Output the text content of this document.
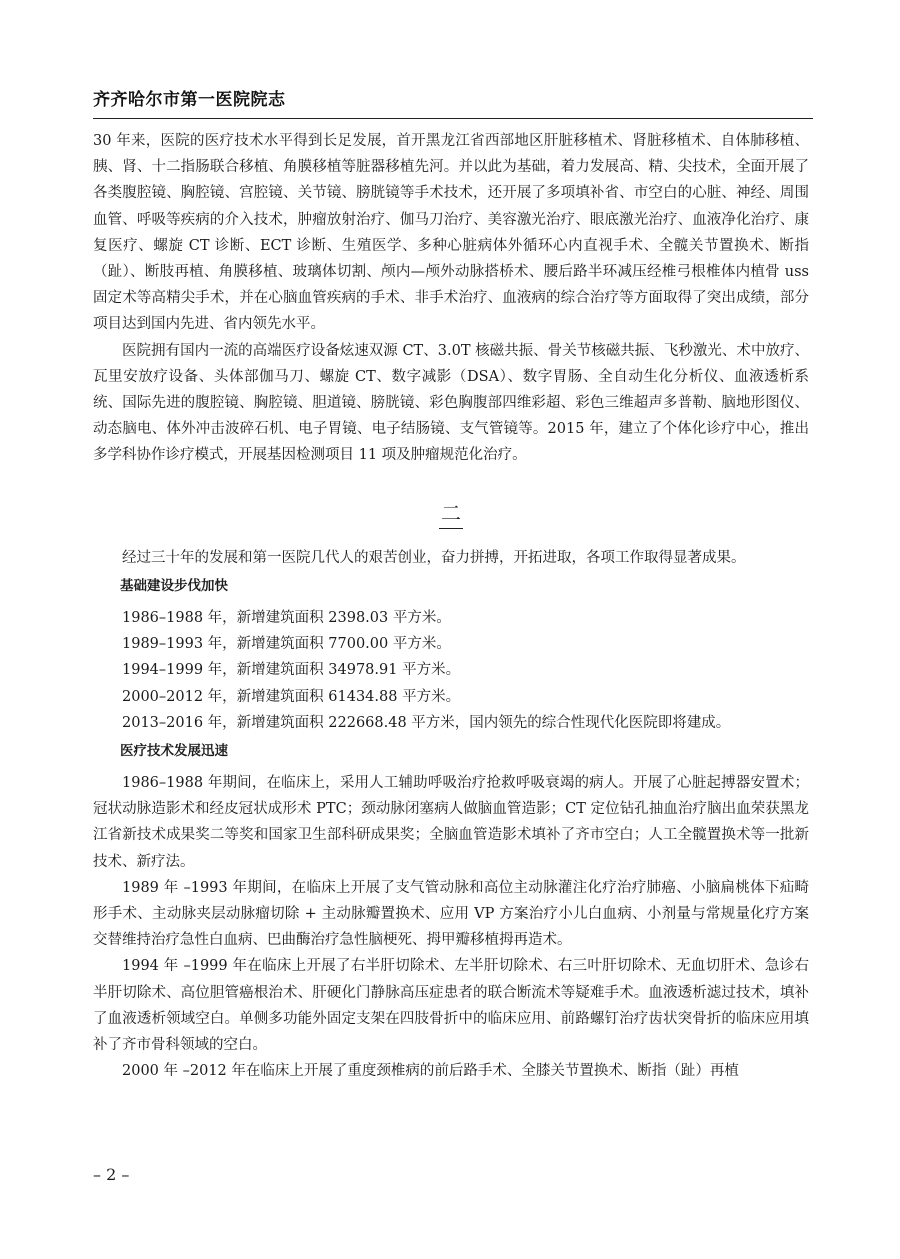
齐齐哈尔市第一医院院志

30 年来，医院的医疗技术水平得到长足发展，首开黑龙江省西部地区肝脏移植术、肾脏移植术、自体肺移植、胰、肾、十二指肠联合移植、角膜移植等脏器移植先河。并以此为基础，着力发展高、精、尖技术，全面开展了各类腹腔镜、胸腔镜、宫腔镜、关节镜、膀胱镜等手术技术，还开展了多项填补省、市空白的心脏、神经、周围血管、呼吸等疾病的介入技术，肿瘤放射治疗、伽马刀治疗、美容激光治疗、眼底激光治疗、血液净化治疗、康复医疗、螺旋 CT 诊断、ECT 诊断、生殖医学、多种心脏病体外循环心内直视手术、全髋关节置换术、断指（趾）、断肢再植、角膜移植、玻璃体切割、颅内—颅外动脉搭桥术、腰后路半环减压经椎弓根椎体内植骨 uss 固定术等高精尖手术，并在心脑血管疾病的手术、非手术治疗、血液病的综合治疗等方面取得了突出成绩，部分项目达到国内先进、省内领先水平。

医院拥有国内一流的高端医疗设备炫速双源 CT、3.0T 核磁共振、骨关节核磁共振、飞秒激光、术中放疗、瓦里安放疗设备、头体部伽马刀、螺旋 CT、数字减影（DSA）、数字胃肠、全自动生化分析仪、血液透析系统、国际先进的腹腔镜、胸腔镜、胆道镜、膀胱镜、彩色胸腹部四维彩超、彩色三维超声多普勒、脑地形图仪、动态脑电、体外冲击波碎石机、电子胃镜、电子结肠镜、支气管镜等。2015 年，建立了个体化诊疗中心，推出多学科协作诊疗模式，开展基因检测项目 11 项及肿瘤规范化治疗。

二

经过三十年的发展和第一医院几代人的艰苦创业，奋力拼搏，开拓进取，各项工作取得显著成果。

基础建设步伐加快

1986–1988 年，新增建筑面积 2398.03 平方米。

1989–1993 年，新增建筑面积 7700.00 平方米。

1994–1999 年，新增建筑面积 34978.91 平方米。

2000–2012 年，新增建筑面积 61434.88 平方米。

2013–2016 年，新增建筑面积 222668.48 平方米，国内领先的综合性现代化医院即将建成。

医疗技术发展迅速

1986–1988 年期间，在临床上，采用人工辅助呼吸治疗抢救呼吸衰竭的病人。开展了心脏起搏器安置术；冠状动脉造影术和经皮冠状成形术 PTC；颈动脉闭塞病人做脑血管造影；CT 定位钻孔抽血治疗脑出血荣获黑龙江省新技术成果奖二等奖和国家卫生部科研成果奖；全脑血管造影术填补了齐市空白；人工全髋置换术等一批新技术、新疗法。

1989 年 –1993 年期间，在临床上开展了支气管动脉和高位主动脉灌注化疗治疗肺癌、小脑扁桃体下疝畸形手术、主动脉夹层动脉瘤切除 + 主动脉瓣置换术、应用 VP 方案治疗小儿白血病、小剂量与常规量化疗方案交替维持治疗急性白血病、巴曲酶治疗急性脑梗死、拇甲瓣移植拇再造术。

1994 年 –1999 年在临床上开展了右半肝切除术、左半肝切除术、右三叶肝切除术、无血切肝术、急诊右半肝切除术、高位胆管癌根治术、肝硬化门静脉高压症患者的联合断流术等疑难手术。血液透析滤过技术，填补了血液透析领域空白。单侧多功能外固定支架在四肢骨折中的临床应用、前路螺钉治疗齿状突骨折的临床应用填补了齐市骨科领域的空白。

2000 年 –2012 年在临床上开展了重度颈椎病的前后路手术、全膝关节置换术、断指（趾）再植

– 2 –
